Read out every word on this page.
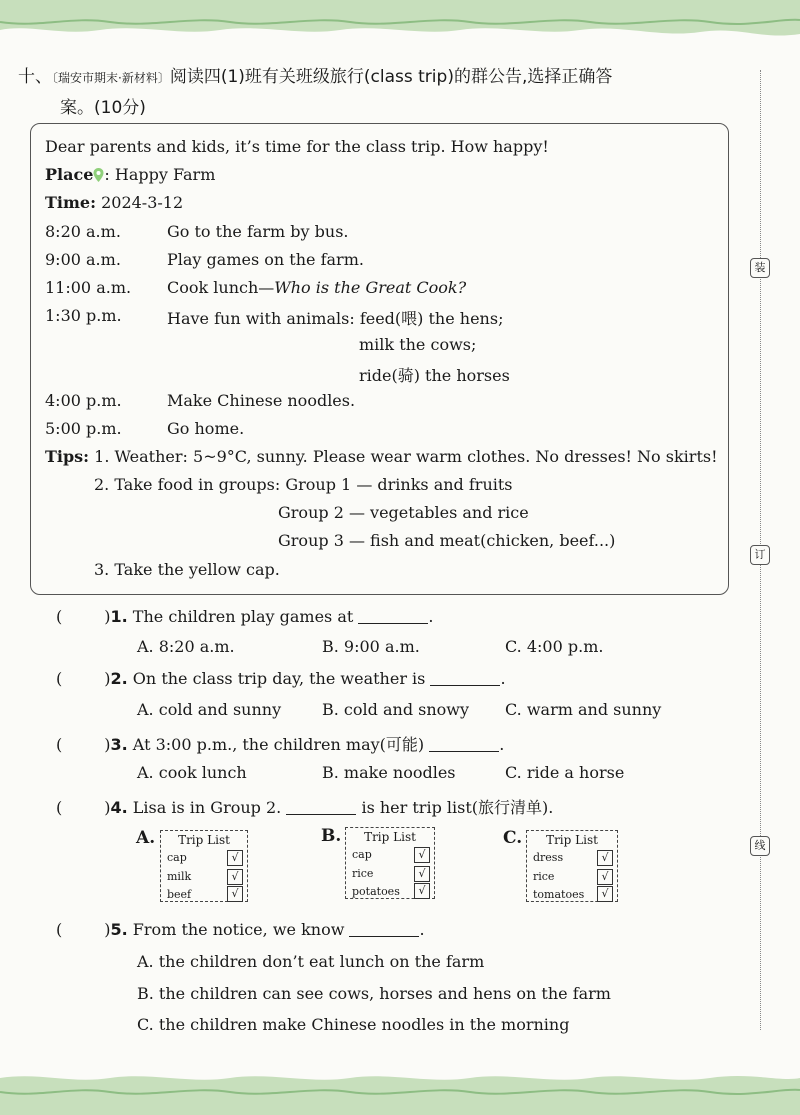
十、〔瑞安市期末·新材料〕阅读四(1)班有关班级旅行(class trip)的群公告,选择正确答
案。(10分)
Dear parents and kids, it’s time for the class trip. How happy!
Place : Happy Farm
Time: 2024-3-12
8:20 a.m.	Go to the farm by bus.
9:00 a.m.	Play games on the farm.
11:00 a.m. Cook lunch—Who is the Great Cook?
1:30 p.m.	Have fun with animals: feed(喂) the hens;
milk the cows;
ride(骑) the horses
4:00 p.m.	Make Chinese noodles.
5:00 p.m.	Go home.
Tips: 1. Weather: 5~9°C, sunny. Please wear warm clothes. No dresses! No skirts!
2. Take food in groups: Group 1 — drinks and fruits
Group 2 — vegetables and rice
Group 3 — fish and meat(chicken, beef...)
3. Take the yellow cap.
(	)1. The children play games at	.
A. 8:20 a.m.	B. 9:00 a.m.	C. 4:00 p.m.
(	)2. On the class trip day, the weather is	.
A. cold and sunny	B. cold and snowy C. warm and sunny
(	)3. At 3:00 p.m., the children may(可能)	.
A. cook lunch	B. make noodles	C. ride a horse
(	)4. Lisa is in Group 2.	is her trip list(旅行清单).
A.	Trip List
cap	√
milk	√
beef	√
B.	Trip List
cap	√
rice	√
potatoes	√
C.	Trip List
dress	√
rice	√
tomatoes	√
(	)5. From the notice, we know	.
A. the children don’t eat lunch on the farm
B. the children can see cows, horses and hens on the farm
C. the children make Chinese noodles in the morning
装
订
线
